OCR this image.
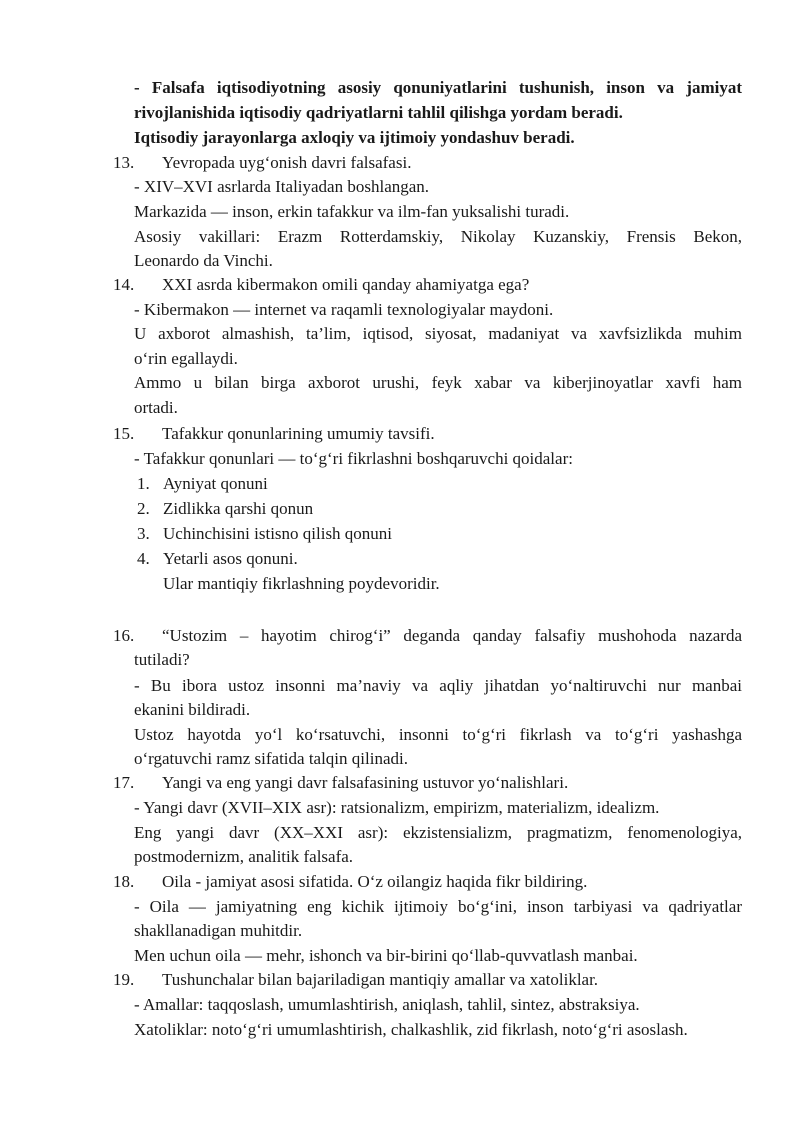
- Falsafa iqtisodiyotning asosiy qonuniyatlarini tushunish, inson va jamiyat
rivojlanishida iqtisodiy qadriyatlarni tahlil qilishga yordam beradi.
Iqtisodiy jarayonlarga axloqiy va ijtimoiy yondashuv beradi.
13. Yevropada uyg‘onish davri falsafasi.
- XIV–XVI asrlarda Italiyadan boshlangan.
Markazida — inson, erkin tafakkur va ilm-fan yuksalishi turadi.
Asosiy vakillari: Erazm Rotterdamskiy, Nikolay Kuzanskiy, Frensis Bekon,
Leonardo da Vinchi.
14. XXI asrda kibermakon omili qanday ahamiyatga ega?
- Kibermakon — internet va raqamli texnologiyalar maydoni.
U axborot almashish, ta’lim, iqtisod, siyosat, madaniyat va xavfsizlikda muhim
o‘rin egallaydi.
Ammo u bilan birga axborot urushi, feyk xabar va kiberjinoyatlar xavfi ham
ortadi.
15. Tafakkur qonunlarining umumiy tavsifi.
- Tafakkur qonunlari — to‘g‘ri fikrlashni boshqaruvchi qoidalar:
1. Ayniyat qonuni
2. Zidlikka qarshi qonun
3. Uchinchisini istisno qilish qonuni
4. Yetarli asos qonuni.
Ular mantiqiy fikrlashning poydevoridir.
16. “Ustozim – hayotim chirog‘i” deganda qanday falsafiy mushohoda nazarda
tutiladi?
- Bu ibora ustoz insonni ma’naviy va aqliy jihatdan yo‘naltiruvchi nur manbai
ekanini bildiradi.
Ustoz hayotda yo‘l ko‘rsatuvchi, insonni to‘g‘ri fikrlash va to‘g‘ri yashashga
o‘rgatuvchi ramz sifatida talqin qilinadi.
17. Yangi va eng yangi davr falsafasining ustuvor yo‘nalishlari.
- Yangi davr (XVII–XIX asr): ratsionalizm, empirizm, materializm, idealizm.
Eng yangi davr (XX–XXI asr): ekzistensializm, pragmatizm, fenomenologiya,
postmodernizm, analitik falsafa.
18. Oila - jamiyat asosi sifatida. O‘z oilangiz haqida fikr bildiring.
- Oila — jamiyatning eng kichik ijtimoiy bo‘g‘ini, inson tarbiyasi va qadriyatlar
shakllanadigan muhitdir.
Men uchun oila — mehr, ishonch va bir-birini qo‘llab-quvvatlash manbai.
19. Tushunchalar bilan bajariladigan mantiqiy amallar va xatoliklar.
- Amallar: taqqoslash, umumlashtirish, aniqlash, tahlil, sintez, abstraksiya.
Xatoliklar: noto‘g‘ri umumlashtirish, chalkashlik, zid fikrlash, noto‘g‘ri asoslash.
